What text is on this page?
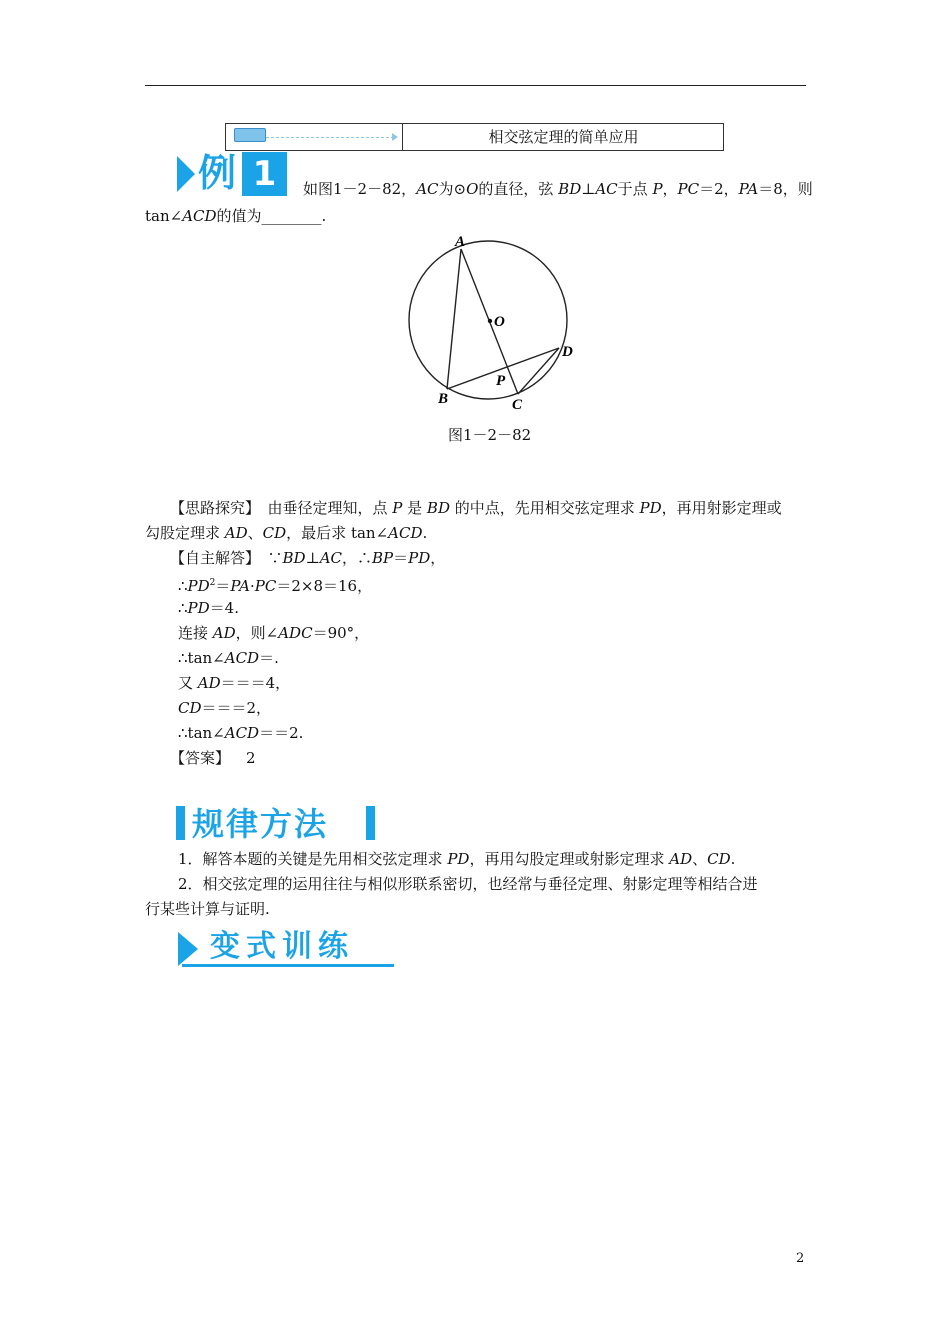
相交弦定理的简单应用
例 1	如图1－2－82，AC为⊙O的直径，弦 BD⊥AC于点 P，PC＝2，PA＝8，则
tan∠ACD的值为________.
A
O
D
P
B	C
图1－2－82
【思路探究】　由垂径定理知，点 P 是 BD 的中点，先用相交弦定理求 PD，再用射影定理或
勾股定理求 AD、CD，最后求 tan∠ACD.
【自主解答】　∵BD⊥AC，∴BP＝PD，
$\therefore PD^2=PA\cdot PC=2\times 8=16$，
∴PD＝4.
连接 AD，则∠ADC＝90°，
∴tan∠ACD＝.
又 AD＝＝＝4，
CD＝＝＝2，
∴tan∠ACD＝＝2.
【答案】 2
规律方法
1．解答本题的关键是先用相交弦定理求 PD，再用勾股定理或射影定理求 AD、CD.
2．相交弦定理的运用往往与相似形联系密切，也经常与垂径定理、射影定理等相结合进
行某些计算与证明.
变式训练
2
